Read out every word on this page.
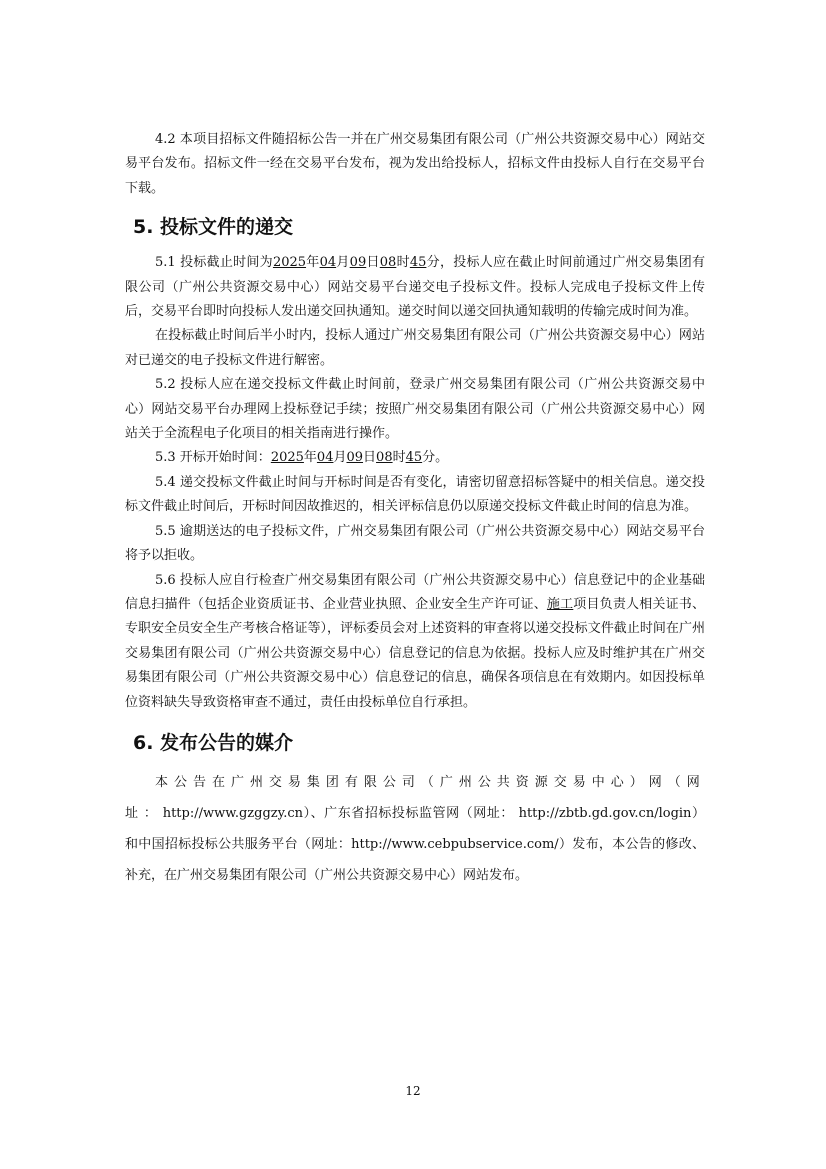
4.2 本项目招标文件随招标公告一并在广州交易集团有限公司（广州公共资源交易中心）网站交易平台发布。招标文件一经在交易平台发布，视为发出给投标人，招标文件由投标人自行在交易平台下载。

5. 投标文件的递交

5.1 投标截止时间为2025年04月09日08时45分，投标人应在截止时间前通过广州交易集团有限公司（广州公共资源交易中心）网站交易平台递交电子投标文件。投标人完成电子投标文件上传后，交易平台即时向投标人发出递交回执通知。递交时间以递交回执通知载明的传输完成时间为准。

在投标截止时间后半小时内，投标人通过广州交易集团有限公司（广州公共资源交易中心）网站对已递交的电子投标文件进行解密。

5.2 投标人应在递交投标文件截止时间前，登录广州交易集团有限公司（广州公共资源交易中心）网站交易平台办理网上投标登记手续；按照广州交易集团有限公司（广州公共资源交易中心）网站关于全流程电子化项目的相关指南进行操作。

5.3 开标开始时间：2025年04月09日08时45分。

5.4 递交投标文件截止时间与开标时间是否有变化，请密切留意招标答疑中的相关信息。递交投标文件截止时间后，开标时间因故推迟的，相关评标信息仍以原递交投标文件截止时间的信息为准。

5.5 逾期送达的电子投标文件，广州交易集团有限公司（广州公共资源交易中心）网站交易平台将予以拒收。

5.6 投标人应自行检查广州交易集团有限公司（广州公共资源交易中心）信息登记中的企业基础信息扫描件（包括企业资质证书、企业营业执照、企业安全生产许可证、施工项目负责人相关证书、专职安全员安全生产考核合格证等），评标委员会对上述资料的审查将以递交投标文件截止时间在广州交易集团有限公司（广州公共资源交易中心）信息登记的信息为依据。投标人应及时维护其在广州交易集团有限公司（广州公共资源交易中心）信息登记的信息，确保各项信息在有效期内。如因投标单位资料缺失导致资格审查不通过，责任由投标单位自行承担。

6. 发布公告的媒介

本公告在广州交易集团有限公司（广州公共资源交易中心）网（网址：http://www.gzggzy.cn）、广东省招标投标监管网（网址： http://zbtb.gd.gov.cn/login）和中国招标投标公共服务平台（网址：http://www.cebpubservice.com/）发布，本公告的修改、补充，在广州交易集团有限公司（广州公共资源交易中心）网站发布。

12
